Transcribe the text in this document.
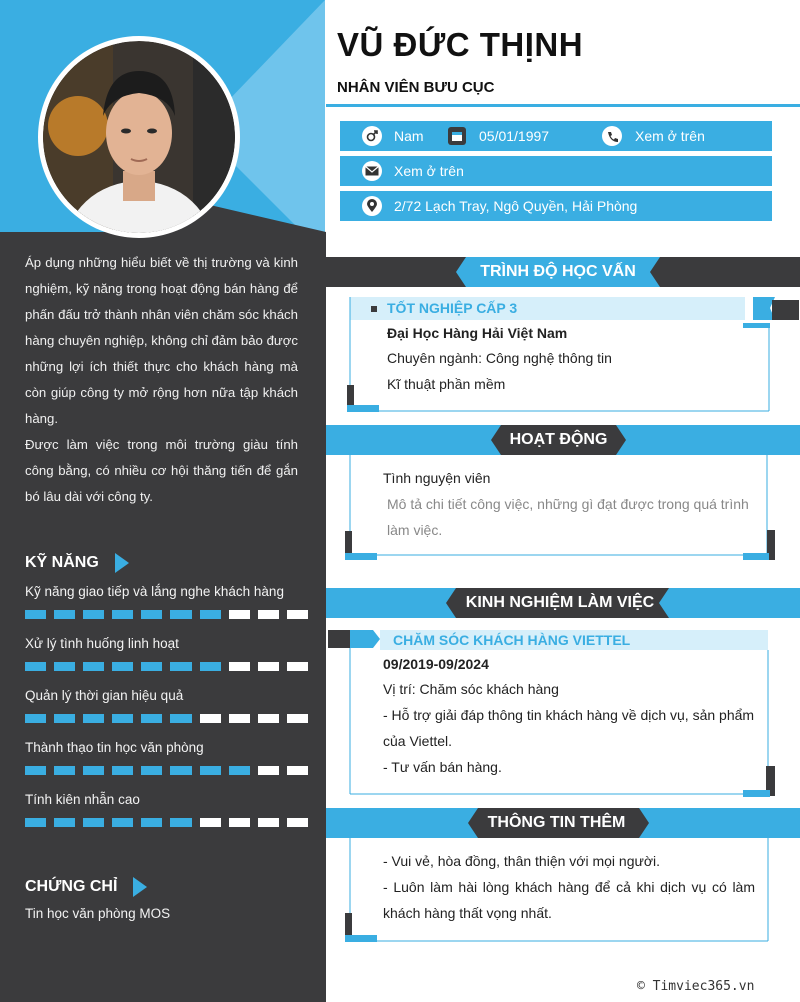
VŨ ĐỨC THỊNH
NHÂN VIÊN BƯU CỤC
Nam	05/01/1997	Xem ở trên
Xem ở trên
2/72 Lạch Tray, Ngô Quyền, Hải Phòng

Áp dụng những hiểu biết về thị trường và kinh nghiệm, kỹ năng trong hoạt động bán hàng để phấn đấu trở thành nhân viên chăm sóc khách hàng chuyên nghiệp, không chỉ đảm bảo được những lợi ích thiết thực cho khách hàng mà còn giúp công ty mở rộng hơn nữa tập khách hàng.

Được làm việc trong môi trường giàu tính công bằng, có nhiều cơ hội thăng tiến để gắn bó lâu dài với công ty.

KỸ NĂNG
Kỹ năng giao tiếp và lắng nghe khách hàng
Xử lý tình huống linh hoạt
Quản lý thời gian hiệu quả
Thành thạo tin học văn phòng
Tính kiên nhẫn cao
CHỨNG CHỈ
Tin học văn phòng MOS
TRÌNH ĐỘ HỌC VẤN
TỐT NGHIỆP CẤP 3
Đại Học Hàng Hải Việt Nam
Chuyên ngành: Công nghệ thông tin
Kĩ thuật phần mềm
HOẠT ĐỘNG
Tình nguyện viên
Mô tả chi tiết công việc, những gì đạt được trong quá trình làm việc.
KINH NGHIỆM LÀM VIỆC
CHĂM SÓC KHÁCH HÀNG VIETTEL
09/2019-09/2024
Vị trí: Chăm sóc khách hàng
- Hỗ trợ giải đáp thông tin khách hàng về dịch vụ, sản phẩm của Viettel.
- Tư vấn bán hàng.
THÔNG TIN THÊM
- Vui vẻ, hòa đồng, thân thiện với mọi người.
- Luôn làm hài lòng khách hàng để cả khi dịch vụ có làm khách hàng thất vọng nhất.
© Timviec365.vn
